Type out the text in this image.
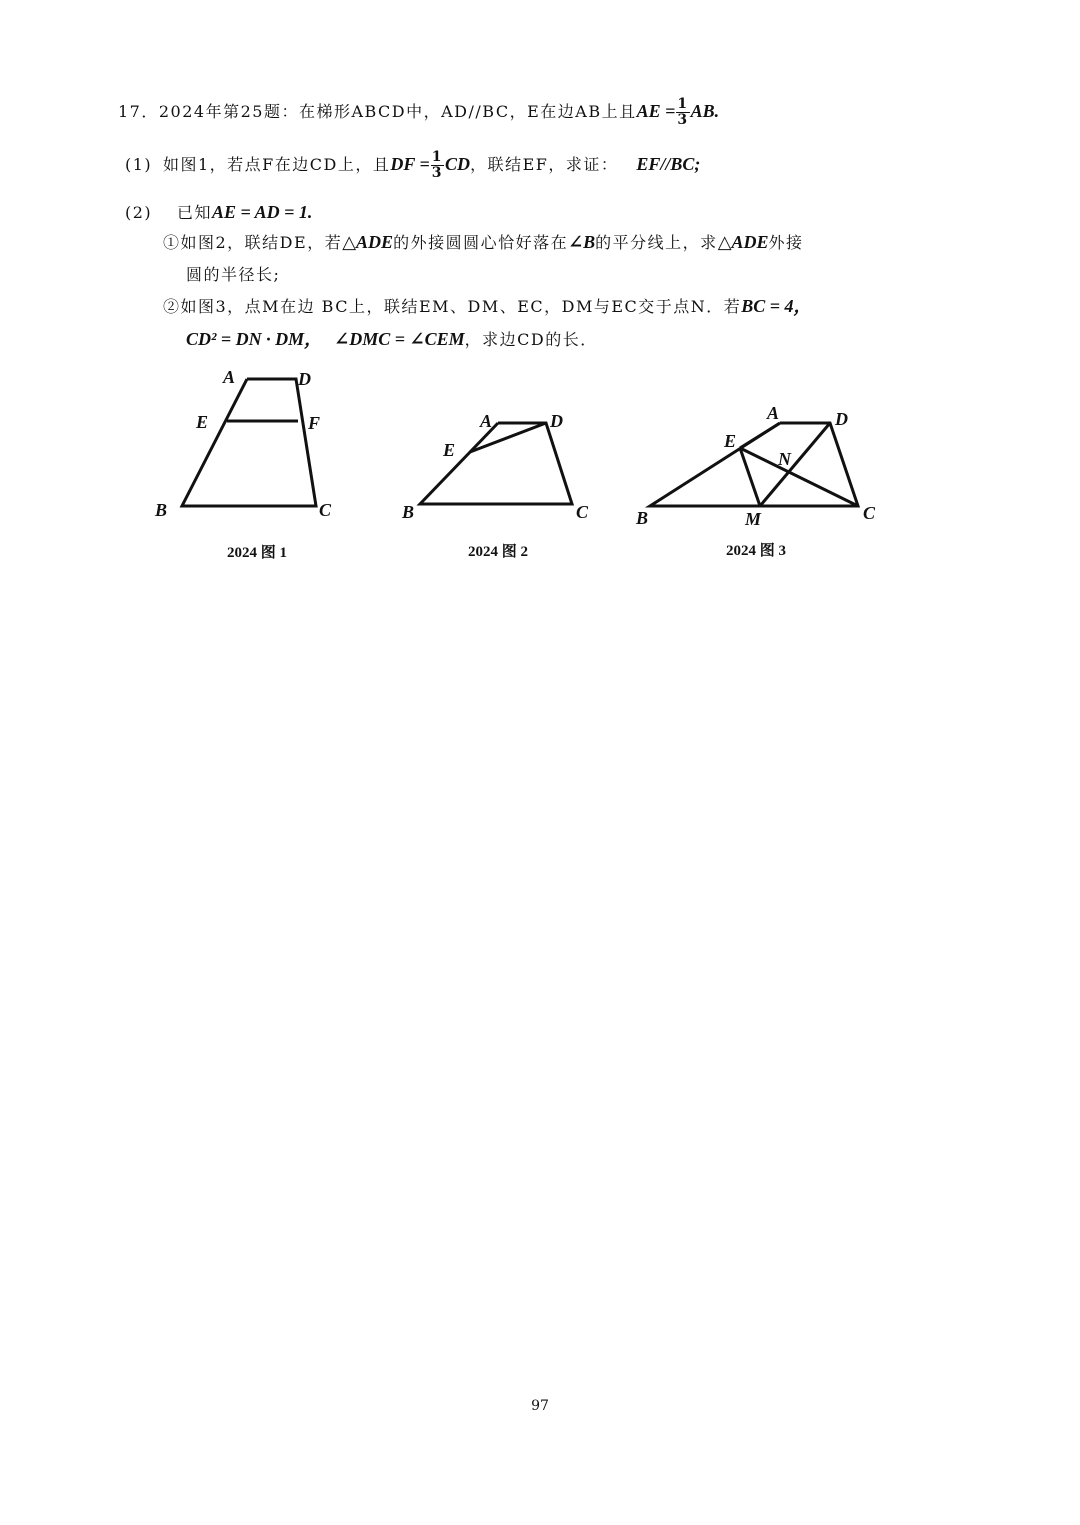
17．2024年第25题：在梯形ABCD中，AD//BC，E在边AB上且AE = $\frac{1}{3}$ AB.
(1) 如图1，若点F在边CD上，且DF = $\frac{1}{3}$ CD，联结EF，求证： EF//BC;
(2) 已知AE = AD = 1.
①如图2，联结DE，若△ADE的外接圆圆心恰好落在∠B的平分线上，求△ADE外接
圆的半径长;
②如图3，点M在边 BC上，联结EM、DM、EC，DM与EC交于点N．若BC = 4，
CD² = DN · DM， ∠DMC = ∠CEM，求边CD的长．
A	D
E	F
B	C
2024 图 1
A	D
E
B	C
2024 图 2
A	D
E
N
B	M	C
2024 图 3
97
